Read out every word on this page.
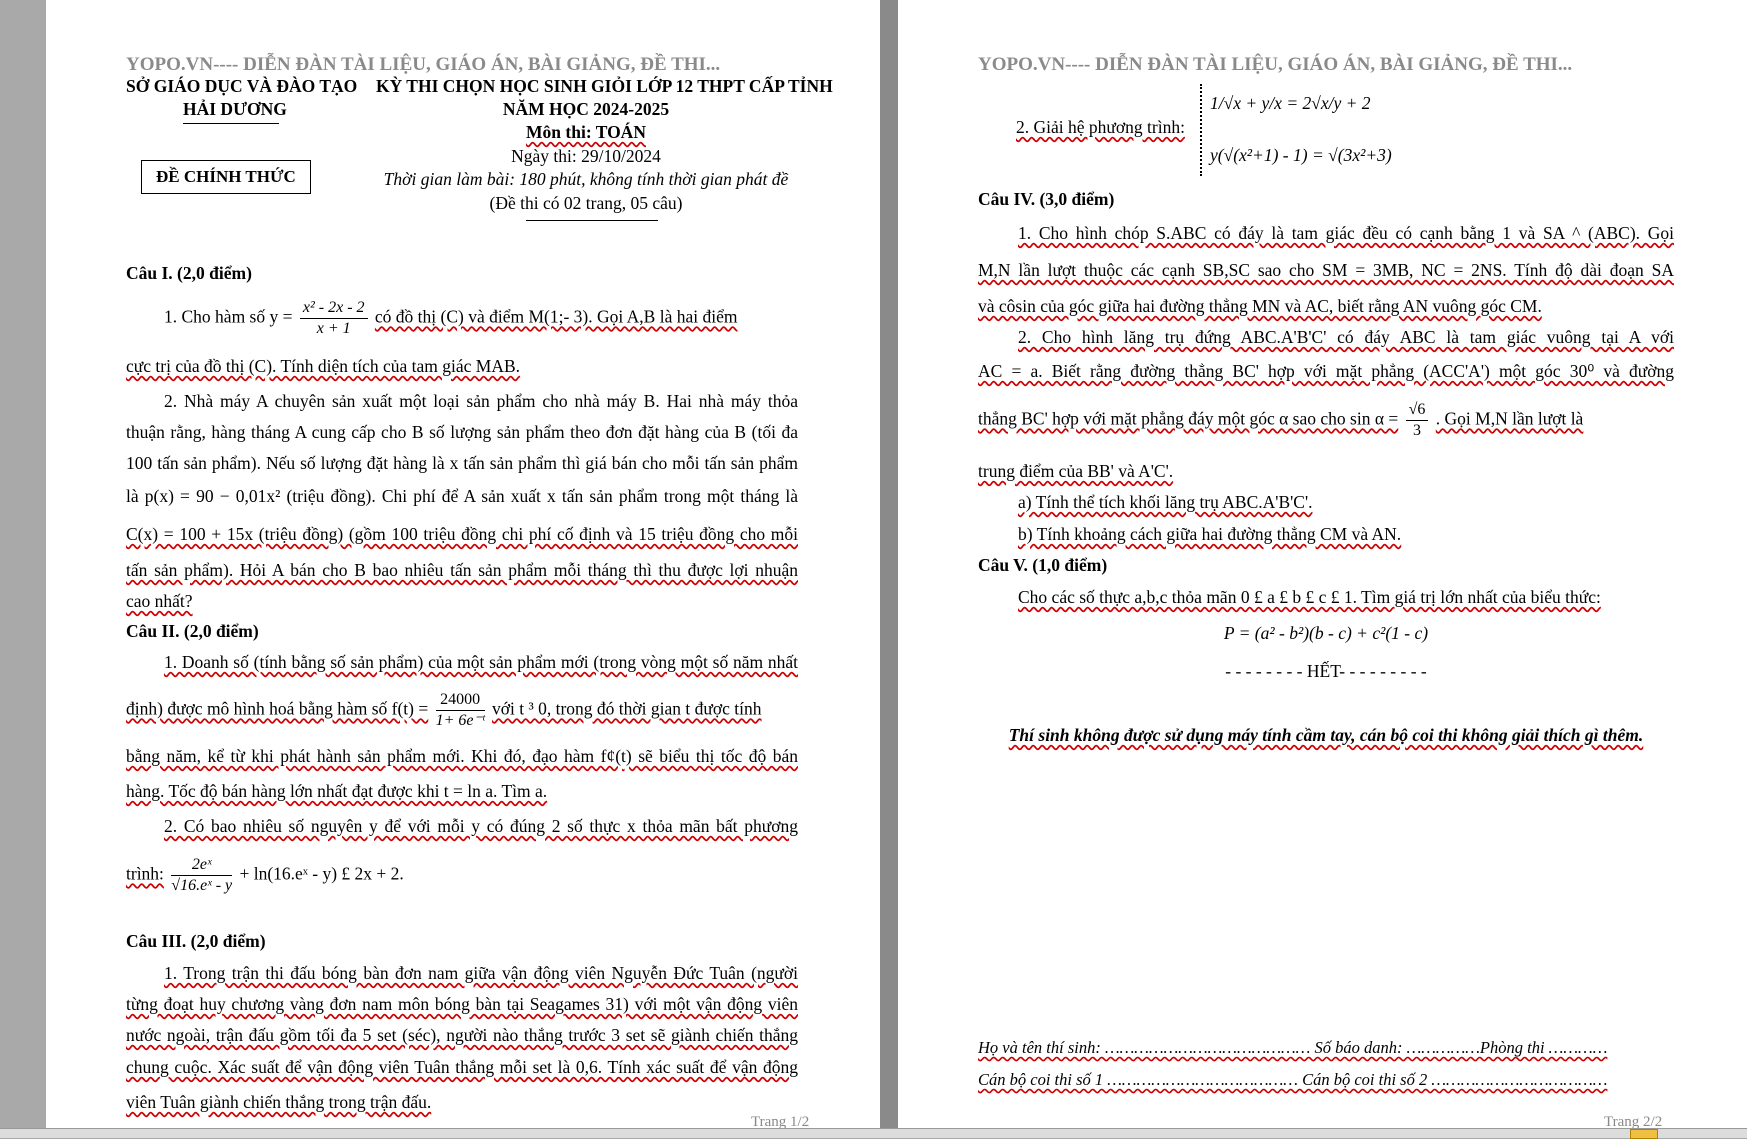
YOPO.VN---- DIỄN ĐÀN TÀI LIỆU, GIÁO ÁN, BÀI GIẢNG, ĐỀ THI...
SỞ GIÁO DỤC VÀ ĐÀO TẠO
HẢI DƯƠNG
ĐỀ CHÍNH THỨC
KỲ THI CHỌN HỌC SINH GIỎI LỚP 12 THPT CẤP TỈNH
NĂM HỌC 2024-2025
Môn thi: TOÁN
Ngày thi: 29/10/2024
Thời gian làm bài: 180 phút, không tính thời gian phát đề
(Đề thi có 02 trang, 05 câu)
Câu I. (2,0 điểm)
1. Cho hàm số $y = \frac{\text{x² - 2x - 2}}{x + 1}$ có đồ thị (C) và điểm M(1;- 3). Gọi A,B là hai điểm
cực trị của đồ thị (C). Tính diện tích của tam giác MAB.
2. Nhà máy A chuyên sản xuất một loại sản phẩm cho nhà máy B. Hai nhà máy thỏa
thuận rằng, hàng tháng A cung cấp cho B số lượng sản phẩm theo đơn đặt hàng của B (tối đa
100 tấn sản phẩm). Nếu số lượng đặt hàng là x tấn sản phẩm thì giá bán cho mỗi tấn sản phẩm
là p(x) = 90 − 0,01x² (triệu đồng). Chi phí để A sản xuất x tấn sản phẩm trong một tháng là
C(x) = 100 + 15x (triệu đồng) (gồm 100 triệu đồng chi phí cố định và 15 triệu đồng cho mỗi
tấn sản phẩm). Hỏi A bán cho B bao nhiêu tấn sản phẩm mỗi tháng thì thu được lợi nhuận
cao nhất?
Câu II. (2,0 điểm)
1. Doanh số (tính bằng số sản phẩm) của một sản phẩm mới (trong vòng một số năm nhất
định) được mô hình hoá bằng hàm số $f(t) = \frac{24000}{\text{1+ 6e⁻ᵗ}}$ với t ³ 0, trong đó thời gian t được tính
bằng năm, kể từ khi phát hành sản phẩm mới. Khi đó, đạo hàm f¢(t) sẽ biểu thị tốc độ bán
hàng. Tốc độ bán hàng lớn nhất đạt được khi t = ln a. Tìm a.
2. Có bao nhiêu số nguyên y để với mỗi y có đúng 2 số thực x thỏa mãn bất phương
trình: $\frac{\text{2eˣ}}{\text{√16.eˣ - y}}$ + ln(16.eˣ - y) £ 2x + 2.
Câu III. (2,0 điểm)
1. Trong trận thi đấu bóng bàn đơn nam giữa vận động viên Nguyễn Đức Tuân (người
từng đoạt huy chương vàng đơn nam môn bóng bàn tại Seagames 31) với một vận động viên
nước ngoài, trận đấu gồm tối đa 5 set (séc), người nào thắng trước 3 set sẽ giành chiến thắng
chung cuộc. Xác suất để vận động viên Tuân thắng mỗi set là 0,6. Tính xác suất để vận động
viên Tuân giành chiến thắng trong trận đấu.
Trang 1/2
YOPO.VN---- DIỄN ĐÀN TÀI LIỆU, GIÁO ÁN, BÀI GIẢNG, ĐỀ THI...
2. Giải hệ phương trình:
1/√x + y/x = 2√x/y + 2
y(√(x²+1) - 1) = √(3x²+3)
Câu IV. (3,0 điểm)
1. Cho hình chóp S.ABC có đáy là tam giác đều có cạnh bằng 1 và SA ^ (ABC). Gọi
M,N lần lượt thuộc các cạnh SB,SC sao cho SM = 3MB, NC = 2NS. Tính độ dài đoạn SA
và côsin của góc giữa hai đường thẳng MN và AC, biết rằng AN vuông góc CM.
2. Cho hình lăng trụ đứng ABC.A'B'C' có đáy ABC là tam giác vuông tại A với
AC = a. Biết rằng đường thẳng BC' hợp với mặt phẳng (ACC'A') một góc 30⁰ và đường
thẳng BC' hợp với mặt phẳng đáy một góc α sao cho $\sin \alpha = \frac{√6}{3}$ . Gọi M,N lần lượt là
trung điểm của BB' và A'C'.
a) Tính thể tích khối lăng trụ ABC.A'B'C'.
b) Tính khoảng cách giữa hai đường thẳng CM và AN.
Câu V. (1,0 điểm)
Cho các số thực a,b,c thỏa mãn 0 £ a £ b £ c £ 1. Tìm giá trị lớn nhất của biểu thức:
P = (a² - b²)(b - c) + c²(1 - c)
- - - - - - - - HẾT- - - - - - - - -
Thí sinh không được sử dụng máy tính cầm tay, cán bộ coi thi không giải thích gì thêm.
Họ và tên thí sinh: …………………………………… Số báo danh: ……………Phòng thi …………
Cán bộ coi thi số 1 ………………………………… Cán bộ coi thi số 2 ………………………………
Trang 2/2
